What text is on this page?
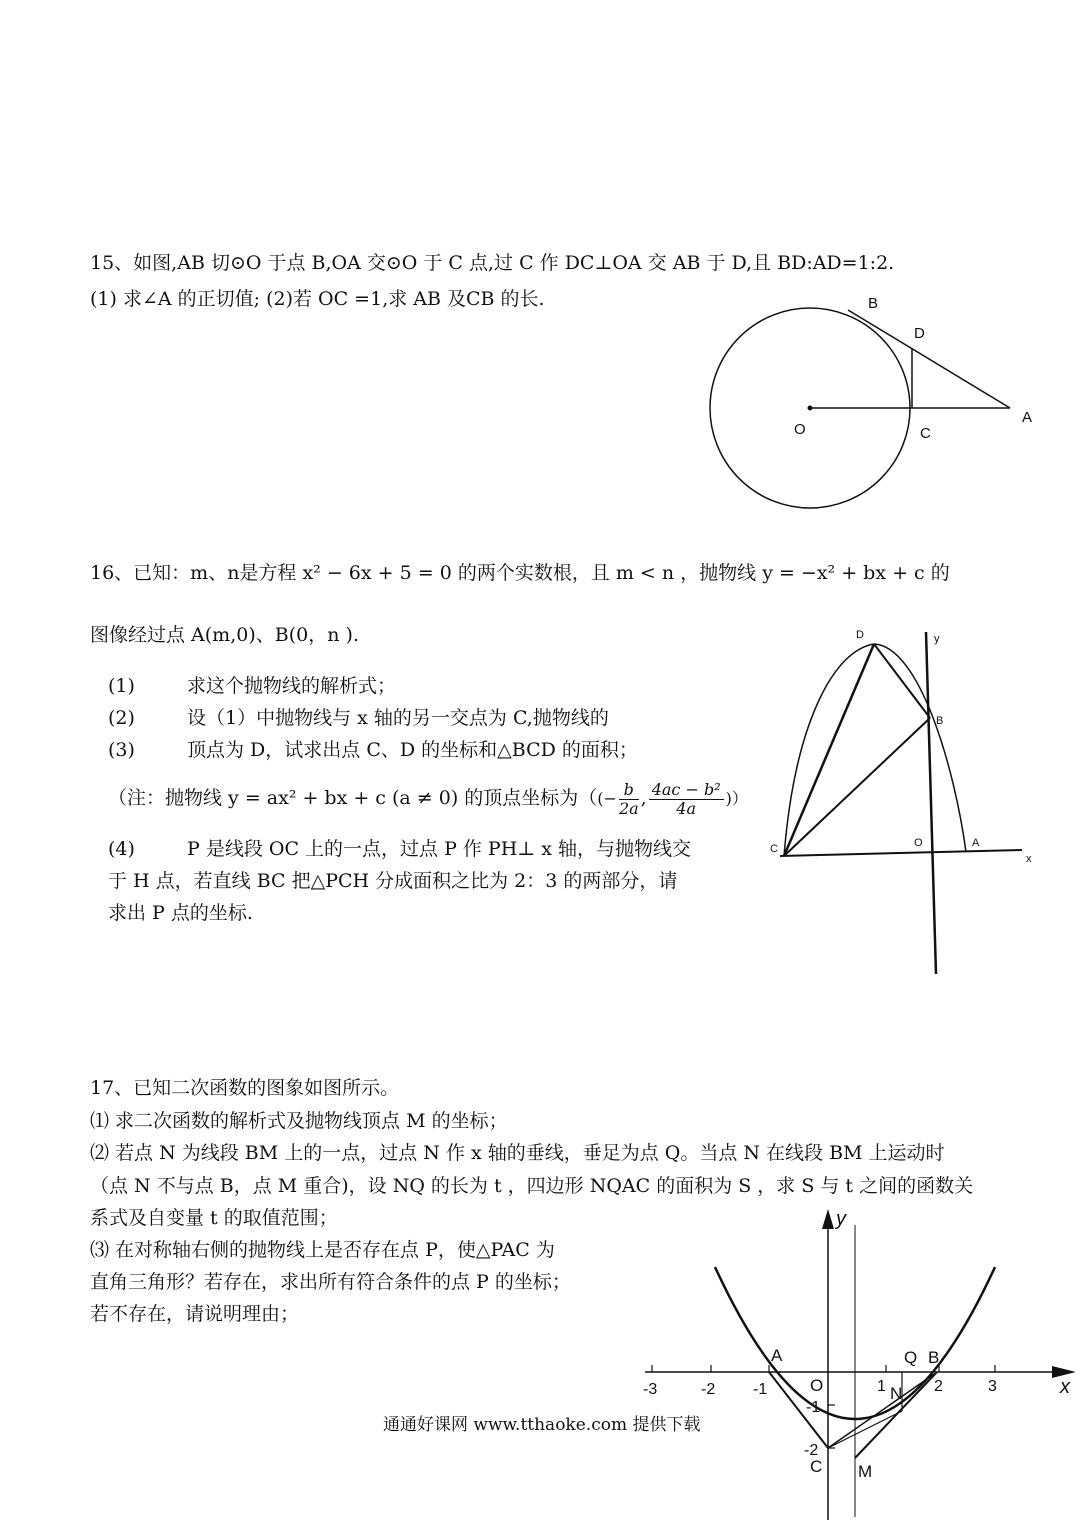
15、如图,AB 切⊙O 于点 B,OA 交⊙O 于 C 点,过 C 作 DC⊥OA 交 AB 于 D,且 BD:AD=1:2.
(1) 求∠A 的正切值; (2)若 OC =1,求 AB 及CB 的长.	B
D
O	C
A
16、已知：m、n是方程 x² − 6x + 5 = 0 的两个实数根，且 m < n ，抛物线 y = −x² + bx + c 的
图像经过点 A(m,0)、B(0，n ).
(1)	求这个抛物线的解析式；
(2)	设（1）中抛物线与 x 轴的另一交点为 C,抛物线的
(3)	顶点为 D，试求出点 C、D 的坐标和△BCD 的面积；
（注：抛物线 y = ax² + bx + c (a ≠ 0) 的顶点坐标为（(− $\frac{b}{2a}$ , $\frac{\text{4ac − b²}}{4a}$ )）
(4)	P 是线段 OC 上的一点，过点 P 作 PH⊥ x 轴，与抛物线交
于 H 点，若直线 BC 把△PCH 分成面积之比为 2：3 的两部分，请
求出 P 点的坐标.
D	y
B
C	O	A
x
17、已知二次函数的图象如图所示。
⑴ 求二次函数的解析式及抛物线顶点 M 的坐标；
⑵ 若点 N 为线段 BM 上的一点，过点 N 作 x 轴的垂线，垂足为点 Q。当点 N 在线段 BM 上运动时
（点 N 不与点 B，点 M 重合)，设 NQ 的长为 t ，四边形 NQAC 的面积为 S ，求 S 与 t 之间的函数关
系式及自变量 t 的取值范围；
⑶ 在对称轴右侧的抛物线上是否存在点 P，使△PAC 为
直角三角形？若存在，求出所有符合条件的点 P 的坐标；
若不存在，请说明理由；
y
x
A
O
Q B
N
C M
-3	-2 -1	1	2	3
-1
-2
通通好课网 www.tthaoke.com 提供下载
